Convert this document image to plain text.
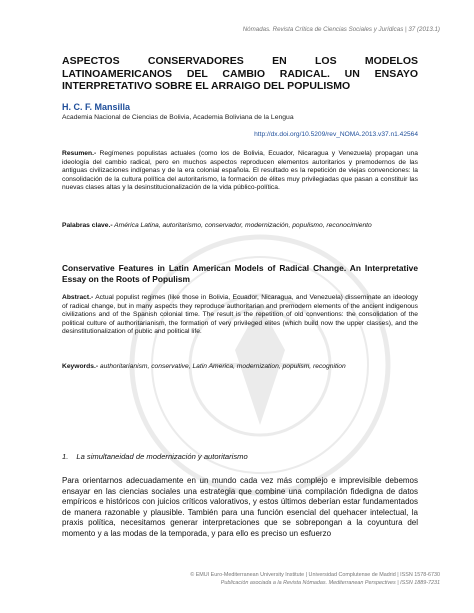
Nómadas. Revista Crítica de Ciencias Sociales y Jurídicas | 37 (2013.1)
ASPECTOS CONSERVADORES EN LOS MODELOS LATINOAMERICANOS DEL CAMBIO RADICAL. UN ENSAYO INTERPRETATIVO SOBRE EL ARRAIGO DEL POPULISMO
H. C. F. Mansilla
Academia Nacional de Ciencias de Bolivia, Academia Boliviana de la Lengua
http://dx.doi.org/10.5209/rev_NOMA.2013.v37.n1.42564

Resumen.- Regímenes populistas actuales (como los de Bolivia, Ecuador, Nicaragua y Venezuela) propagan una ideología del cambio radical, pero en muchos aspectos reproducen elementos autoritarios y premodernos de las antiguas civilizaciones indígenas y de la era colonial española. El resultado es la repetición de viejas convenciones: la consolidación de la cultura política del autoritarismo, la formación de élites muy privilegiadas que pasan a constituir las nuevas clases altas y la desinstitucionalización de la vida público-política.

Palabras clave.- América Latina, autoritarismo, conservador, modernización, populismo, reconocimiento

Conservative Features in Latin American Models of Radical Change. An Interpretative Essay on the Roots of Populism

Abstract.- Actual populist regimes (like those in Bolivia, Ecuador, Nicaragua, and Venezuela) disseminate an ideology of radical change, but in many aspects they reproduce authoritarian and premodern elements of the ancient indigenous civilizations and of the Spanish colonial time. The result is the repetition of old conventions: the consolidation of the political culture of authoritarianism, the formation of very privileged elites (which build now the upper classes), and the desinstitutionalization of public and political life.

Keywords.- authoritarianism, conservative, Latin America, modernization, populism, recognition

1. La simultaneidad de modernización y autoritarismo

Para orientarnos adecuadamente en un mundo cada vez más complejo e imprevisible debemos ensayar en las ciencias sociales una estrategia que combine una compilación fidedigna de datos empíricos e históricos con juicios críticos valorativos, y estos últimos deberían estar fundamentados de manera razonable y plausible. También para una función esencial del quehacer intelectual, la praxis política, necesitamos generar interpretaciones que se sobrepongan a la coyuntura del momento y a las modas de la temporada, y para ello es preciso un esfuerzo

© EMUI Euro-Mediterranean University Institute | Universidad Complutense de Madrid | ISSN 1578-6730
Publicación asociada a la Revista Nómadas. Mediterranean Perspectives | ISSN 1889-7231
